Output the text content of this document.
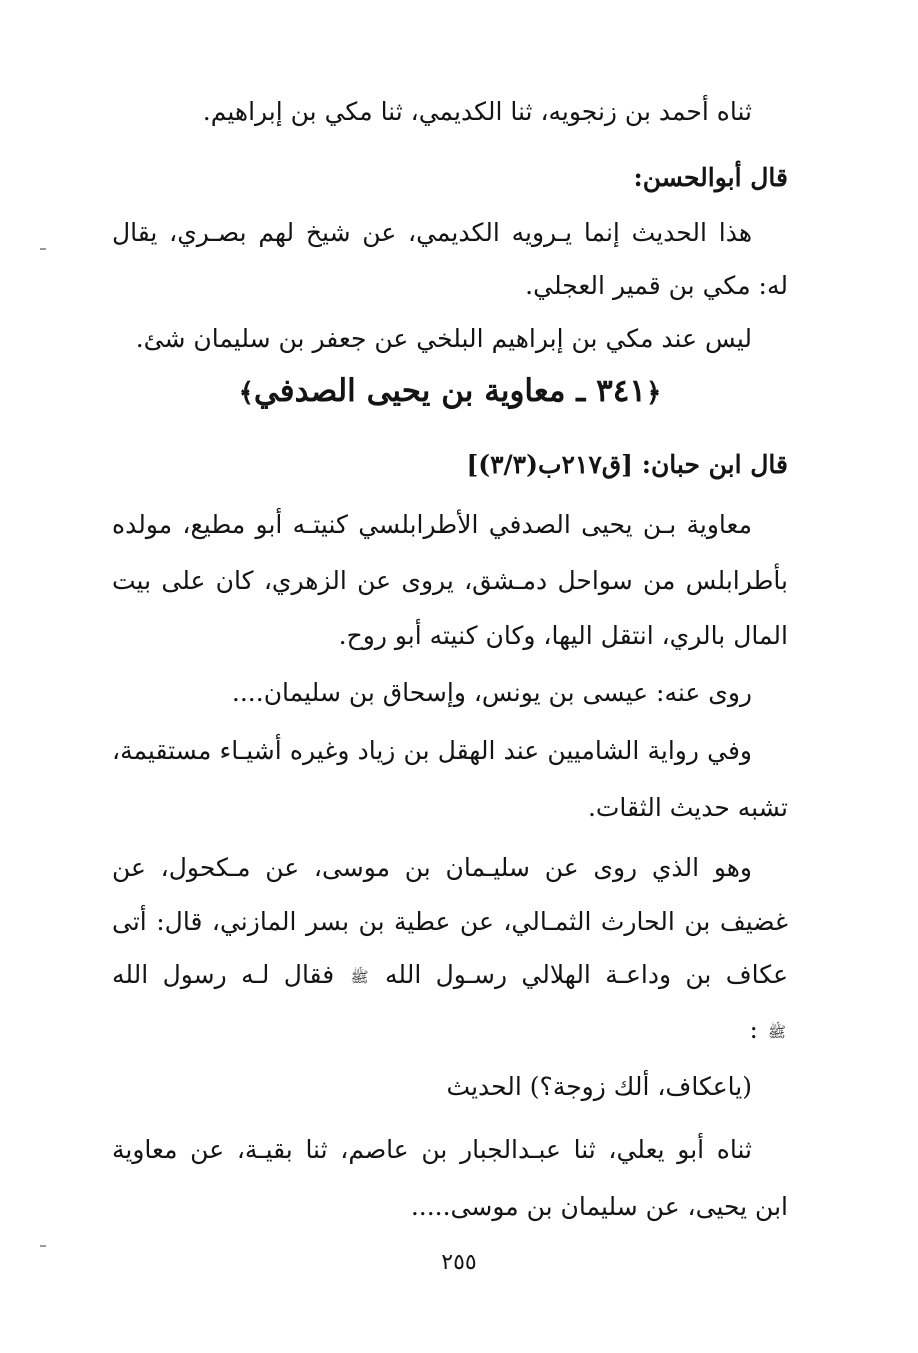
ثناه أحمد بن زنجويه، ثنا الكديمي، ثنا مكي بن إبراهيم.
قال أبوالحسن:
هذا الحديث إنما يـرويه الكديمي، عن شيخ لهم بصـري، يقال
له: مكي بن قمير العجلي.
ليس عند مكي بن إبراهيم البلخي عن جعفر بن سليمان شئ.
﴿٣٤١ ـ معاوية بن يحيى الصدفي﴾
قال ابن حبان: [ق٢١٧ب(٣/٣)]
معاوية بـن يحيى الصدفي الأطرابلسي كنيتـه أبو مطيع، مولده
بأطرابلس من سواحل دمـشق، يروى عن الزهري، كان على بيت
المال بالري، انتقل اليها، وكان كنيته أبو روح.
روى عنه: عيسى بن يونس، وإسحاق بن سليمان....
وفي رواية الشاميين عند الهقل بن زياد وغيره أشيـاء مستقيمة،
تشبه حديث الثقات.
وهو الذي روى عن سليـمان بن موسى، عن مـكحول، عن
غضيف بن الحارث الثمـالي، عن عطية بن بسر المازني، قال: أتى
عكاف بن وداعـة الهلالي رسـول الله ﷺ فقال لـه رسول الله
ﷺ :
(ياعكاف، ألك زوجة؟) الحديث
ثناه أبو يعلي، ثنا عبـدالجبار بن عاصم، ثنا بقيـة، عن معاوية
ابن يحيى، عن سليمان بن موسى.....
٢٥٥
